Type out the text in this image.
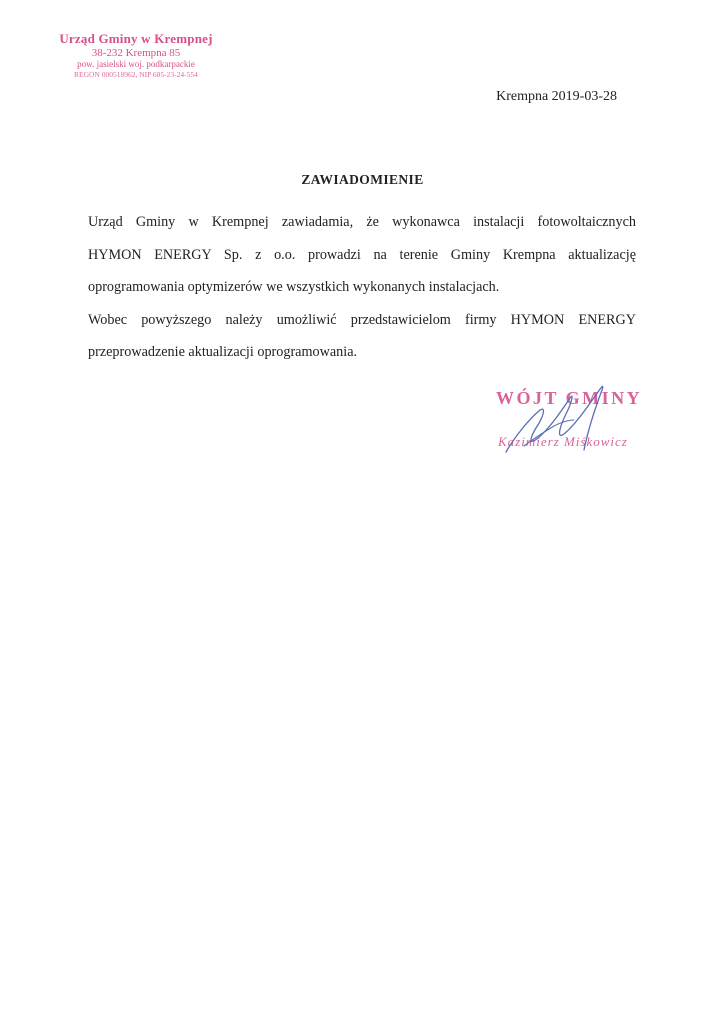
Urząd Gminy w Krempnej
38-232 Krempna 85
pow. jasielski woj. podkarpackie
REGON 000518962, NIP 685-23-24-554
Krempna 2019-03-28
ZAWIADOMIENIE

Urząd Gminy w Krempnej zawiadamia, że wykonawca instalacji fotowoltaicznych
HYMON ENERGY Sp. z o.o. prowadzi na terenie Gminy Krempna aktualizację
oprogramowania optymizerów we wszystkich wykonanych instalacjach.

Wobec powyższego należy umożliwić przedstawicielom firmy HYMON ENERGY
przeprowadzenie aktualizacji oprogramowania.

WÓJT GMINY
Kazimierz Miśkowicz
